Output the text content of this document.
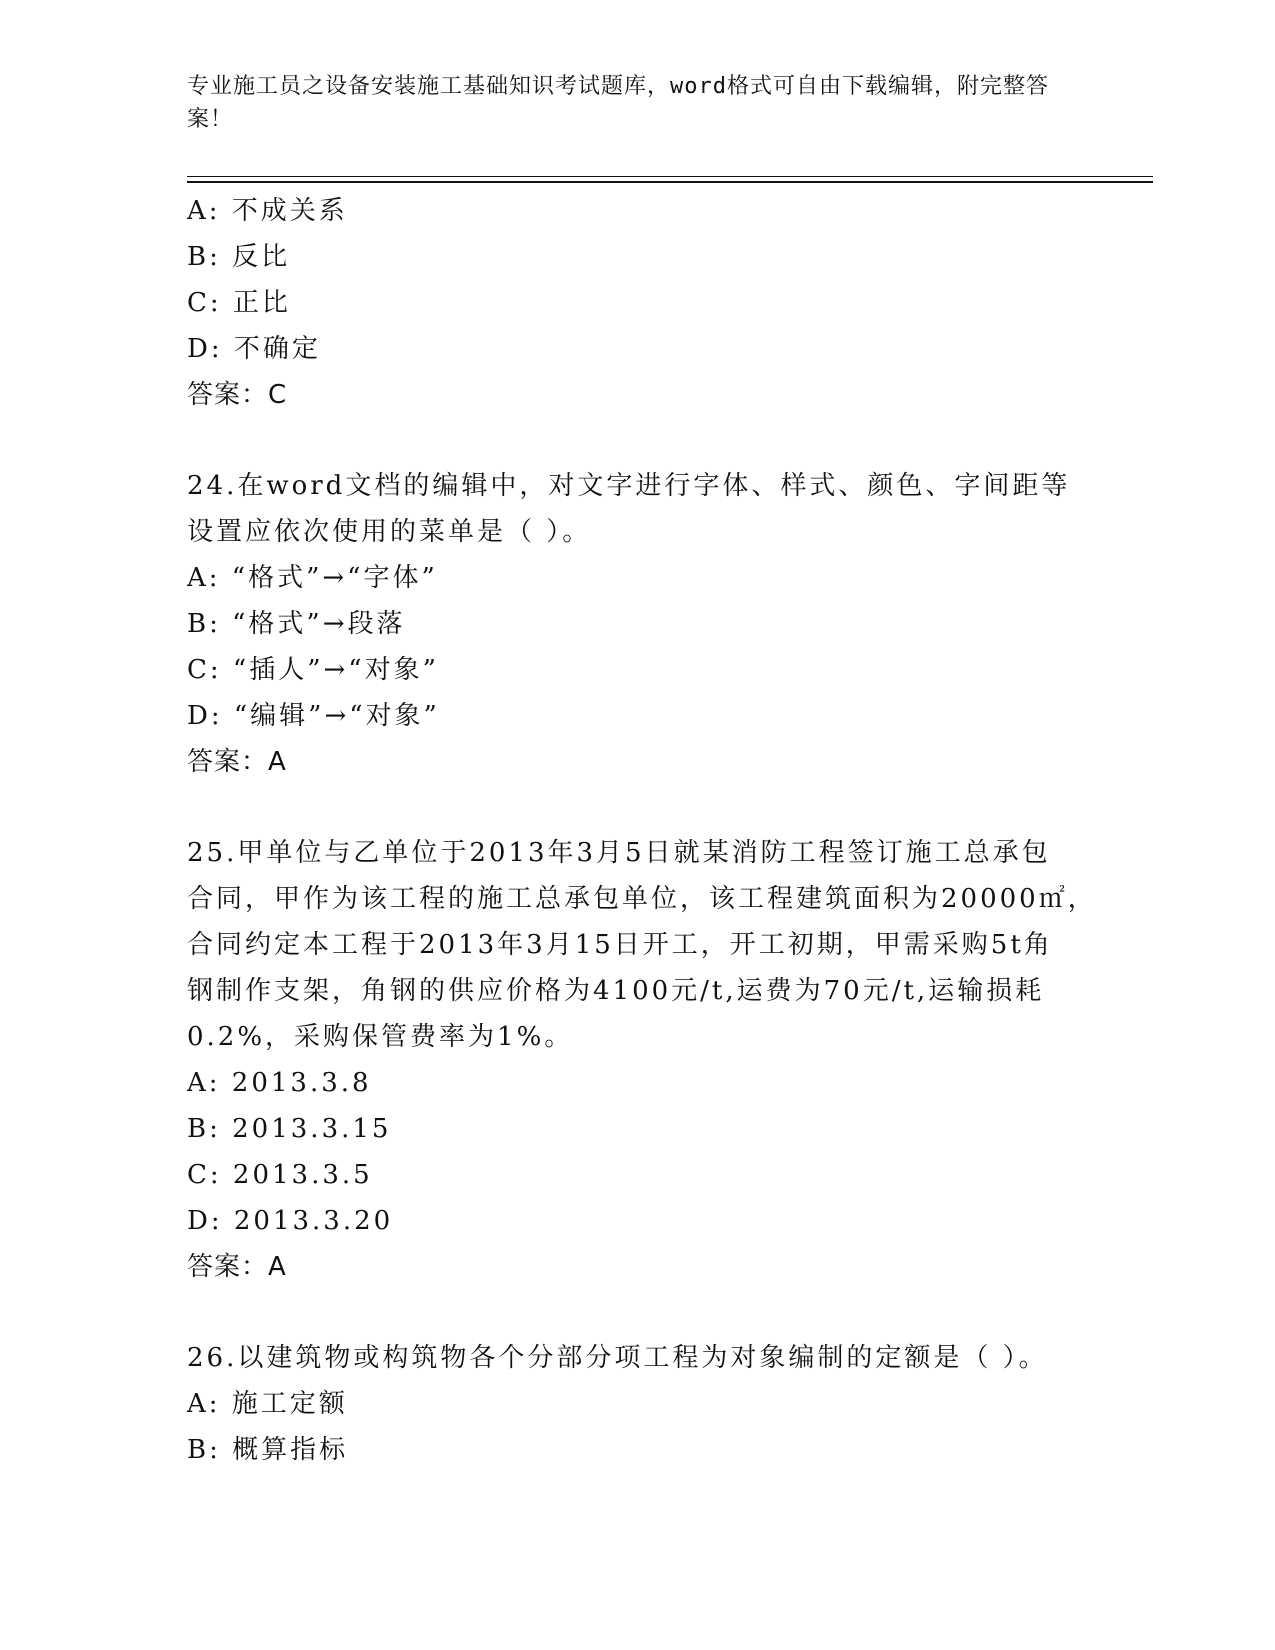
专业施工员之设备安装施工基础知识考试题库，word格式可自由下载编辑，附完整答案！
A: 不成关系
B: 反比
C: 正比
D: 不确定
答案：C
24.在word文档的编辑中，对文字进行字体、样式、颜色、字间距等
设置应依次使用的菜单是（ ）。
A: “格式”→“字体”
B: “格式”→段落
C: “插人”→“对象”
D: “编辑”→“对象”
答案：A
25.甲单位与乙单位于2013年3月5日就某消防工程签订施工总承包
合同，甲作为该工程的施工总承包单位，该工程建筑面积为20000㎡，
合同约定本工程于2013年3月15日开工，开工初期，甲需采购5t角
钢制作支架，角钢的供应价格为4100元/t,运费为70元/t,运输损耗
0.2%，采购保管费率为1%。
A: 2013.3.8
B: 2013.3.15
C: 2013.3.5
D: 2013.3.20
答案：A
26.以建筑物或构筑物各个分部分项工程为对象编制的定额是（ ）。
A: 施工定额
B: 概算指标
